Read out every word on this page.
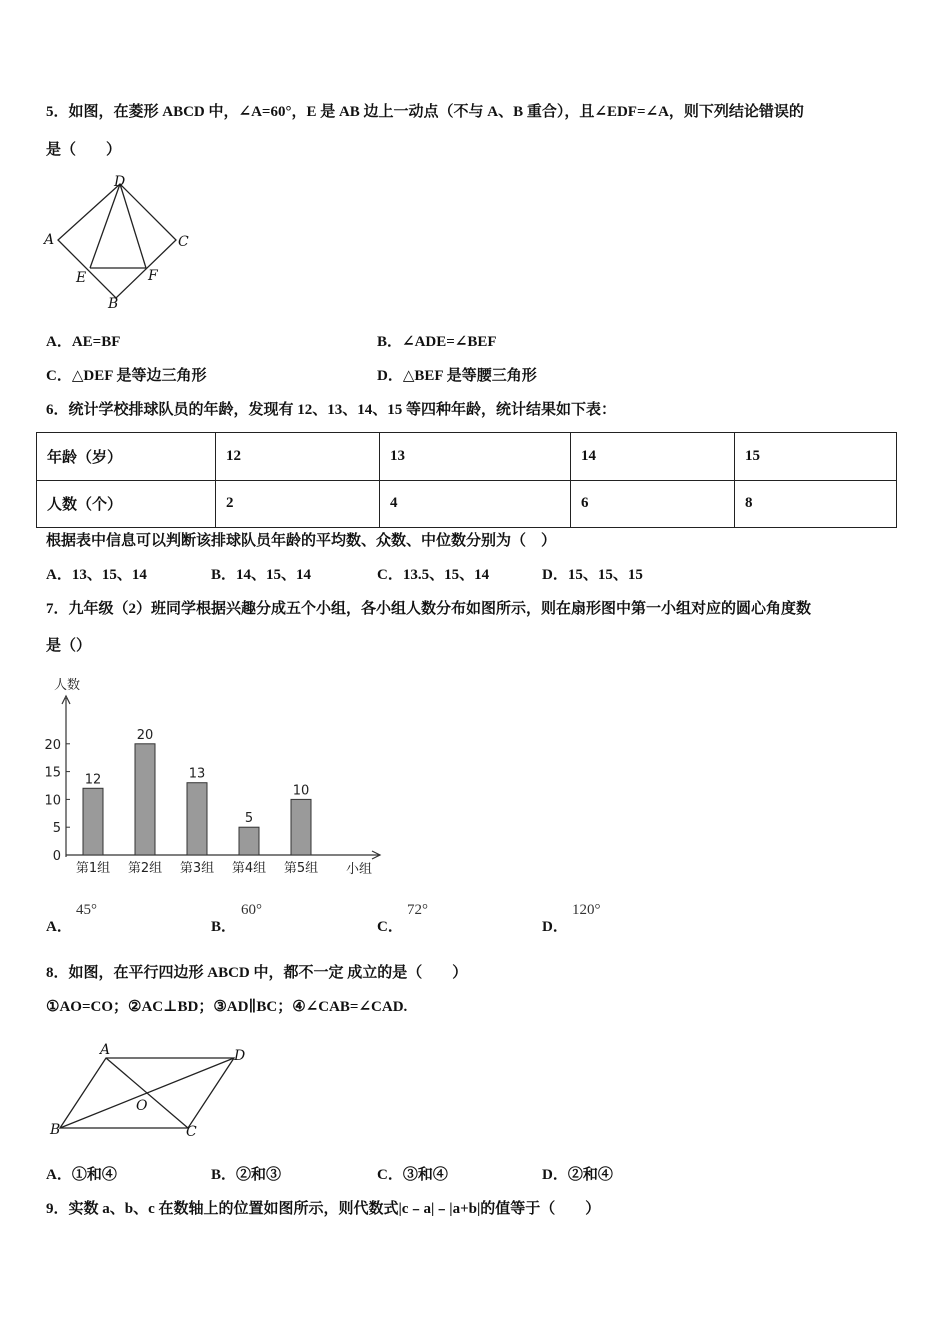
5．如图，在菱形 ABCD 中，∠A=60°，E 是 AB 边上一动点（不与 A、B 重合），且∠EDF=∠A，则下列结论错误的
是（　　）
D
A	C
E	F
B
A．AE=BF	B．∠ADE=∠BEF
C．△DEF 是等边三角形	D．△BEF 是等腰三角形
6．统计学校排球队员的年龄，发现有 12、13、14、15 等四种年龄，统计结果如下表：
年龄（岁）	12	13	14	15
人数（个）	2	4	6	8
根据表中信息可以判断该排球队员年龄的平均数、众数、中位数分别为（　）
A．13、15、14	B．14、15、14	C．13.5、15、14	D．15、15、15
7．九年级（2）班同学根据兴趣分成五个小组，各小组人数分布如图所示，则在扇形图中第一小组对应的圆心角度数
是（）
人数
小组
0
5
10
15
20
12
第1组
20
第2组
13
第3组
5
第4组
10
第5组
A．
45°
B．
60°
C．
72°
D．
120°
8．如图，在平行四边形 ABCD 中，都不一定 成立的是（　　）
①AO=CO；②AC⊥BD；③AD∥BC；④∠CAB=∠CAD.
A	D
O
B	C
A．①和④	B．②和③	C．③和④	D．②和④
9．实数 a、b、c 在数轴上的位置如图所示，则代数式|c﹣a|﹣|a+b|的值等于（　　）
